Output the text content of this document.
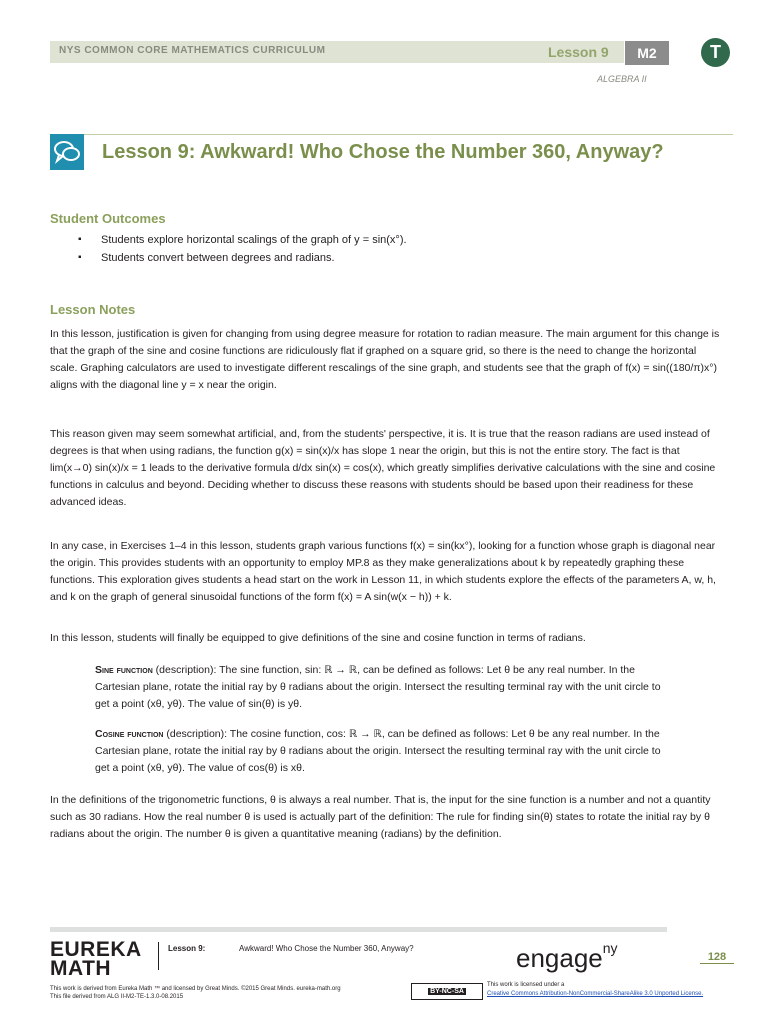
NYS COMMON CORE MATHEMATICS CURRICULUM	Lesson 9	M2	T
ALGEBRA II
Lesson 9: Awkward! Who Chose the Number 360, Anyway?
Student Outcomes
▪ Students explore horizontal scalings of the graph of y = sin(x°).
▪ Students convert between degrees and radians.
Lesson Notes

In this lesson, justification is given for changing from using degree measure for rotation to radian measure. The main argument for this change is that the graph of the sine and cosine functions are ridiculously flat if graphed on a square grid, so there is the need to change the horizontal scale. Graphing calculators are used to investigate different rescalings of the sine graph, and students see that the graph of f(x) = sin((180/π)x°) aligns with the diagonal line y = x near the origin.

This reason given may seem somewhat artificial, and, from the students' perspective, it is. It is true that the reason radians are used instead of degrees is that when using radians, the function g(x) = sin(x)/x has slope 1 near the origin, but this is not the entire story. The fact is that lim(x→0) sin(x)/x = 1 leads to the derivative formula d/dx sin(x) = cos(x), which greatly simplifies derivative calculations with the sine and cosine functions in calculus and beyond. Deciding whether to discuss these reasons with students should be based upon their readiness for these advanced ideas.

In any case, in Exercises 1–4 in this lesson, students graph various functions f(x) = sin(kx°), looking for a function whose graph is diagonal near the origin. This provides students with an opportunity to employ MP.8 as they make generalizations about k by repeatedly graphing these functions. This exploration gives students a head start on the work in Lesson 11, in which students explore the effects of the parameters A, w, h, and k on the graph of general sinusoidal functions of the form f(x) = A sin(w(x − h)) + k.

In this lesson, students will finally be equipped to give definitions of the sine and cosine function in terms of radians.

Sine function (description): The sine function, sin: ℝ → ℝ, can be defined as follows: Let θ be any real number. In the Cartesian plane, rotate the initial ray by θ radians about the origin. Intersect the resulting terminal ray with the unit circle to get a point (xθ, yθ). The value of sin(θ) is yθ.

Cosine function (description): The cosine function, cos: ℝ → ℝ, can be defined as follows: Let θ be any real number. In the Cartesian plane, rotate the initial ray by θ radians about the origin. Intersect the resulting terminal ray with the unit circle to get a point (xθ, yθ). The value of cos(θ) is xθ.

In the definitions of the trigonometric functions, θ is always a real number. That is, the input for the sine function is a number and not a quantity such as 30 radians. How the real number θ is used is actually part of the definition: The rule for finding sin(θ) states to rotate the initial ray by θ radians about the origin. The number θ is given a quantitative meaning (radians) by the definition.

EUREKA
MATH
Lesson 9:	Awkward! Who Chose the Number 360, Anyway?	engage$^{ny}$
128
This work is derived from Eureka Math ™ and licensed by Great Minds. ©2015 Great Minds. eureka-math.org
This file derived from ALG II-M2-TE-1.3.0-08.2015
BY-NC-SA
This work is licensed under a
Creative Commons Attribution-NonCommercial-ShareAlike 3.0 Unported License.
